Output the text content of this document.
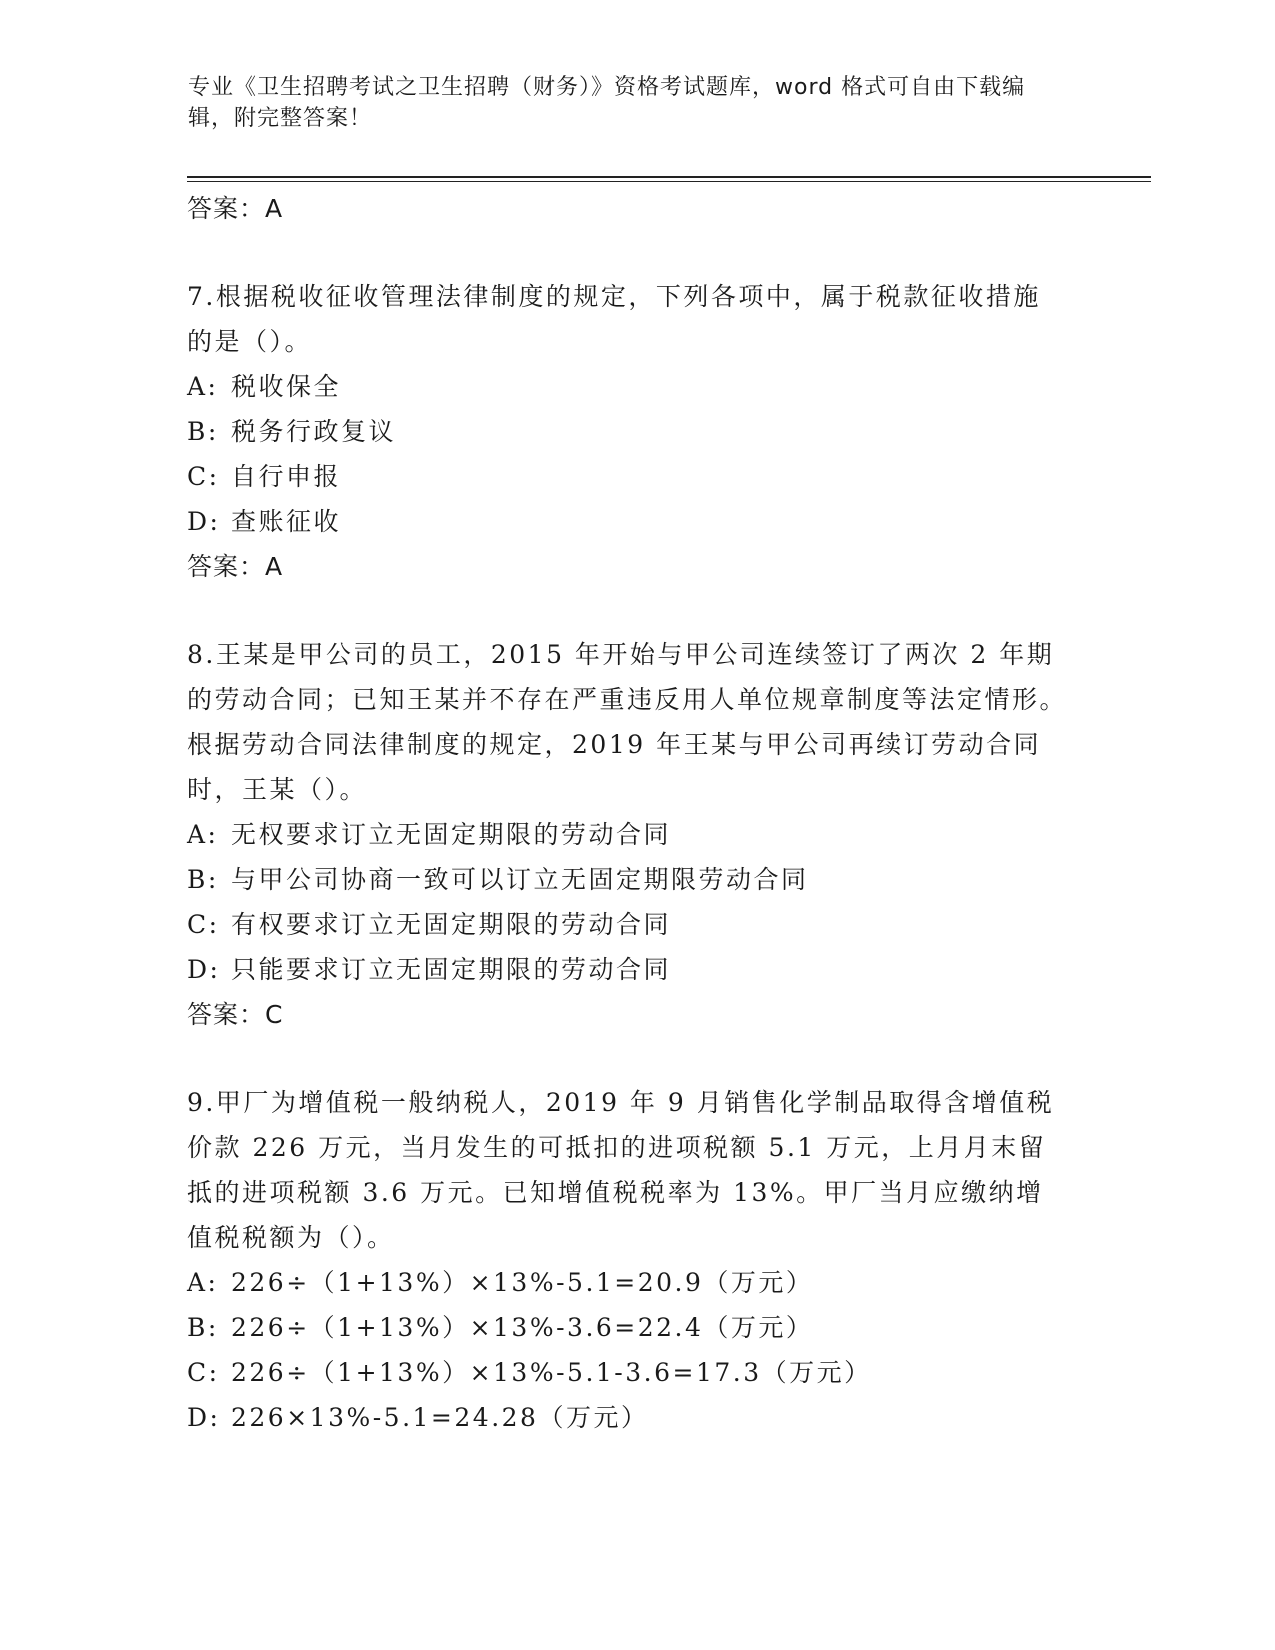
专业《卫生招聘考试之卫生招聘（财务）》资格考试题库，word 格式可自由下载编辑，附完整答案！
答案：A
7.根据税收征收管理法律制度的规定，下列各项中，属于税款征收措施的是（）。
A: 税收保全
B: 税务行政复议
C: 自行申报
D: 查账征收
答案：A
8.王某是甲公司的员工，2015 年开始与甲公司连续签订了两次 2 年期的劳动合同；已知王某并不存在严重违反用人单位规章制度等法定情形。根据劳动合同法律制度的规定，2019 年王某与甲公司再续订劳动合同时，王某（）。
A: 无权要求订立无固定期限的劳动合同
B: 与甲公司协商一致可以订立无固定期限劳动合同
C: 有权要求订立无固定期限的劳动合同
D: 只能要求订立无固定期限的劳动合同
答案：C
9.甲厂为增值税一般纳税人，2019 年 9 月销售化学制品取得含增值税价款 226 万元，当月发生的可抵扣的进项税额 5.1 万元，上月月末留抵的进项税额 3.6 万元。已知增值税税率为 13%。甲厂当月应缴纳增值税税额为（）。
A: 226÷（1+13%）×13%-5.1=20.9（万元）
B: 226÷（1+13%）×13%-3.6=22.4（万元）
C: 226÷（1+13%）×13%-5.1-3.6=17.3（万元）
D: 226×13%-5.1=24.28（万元）
